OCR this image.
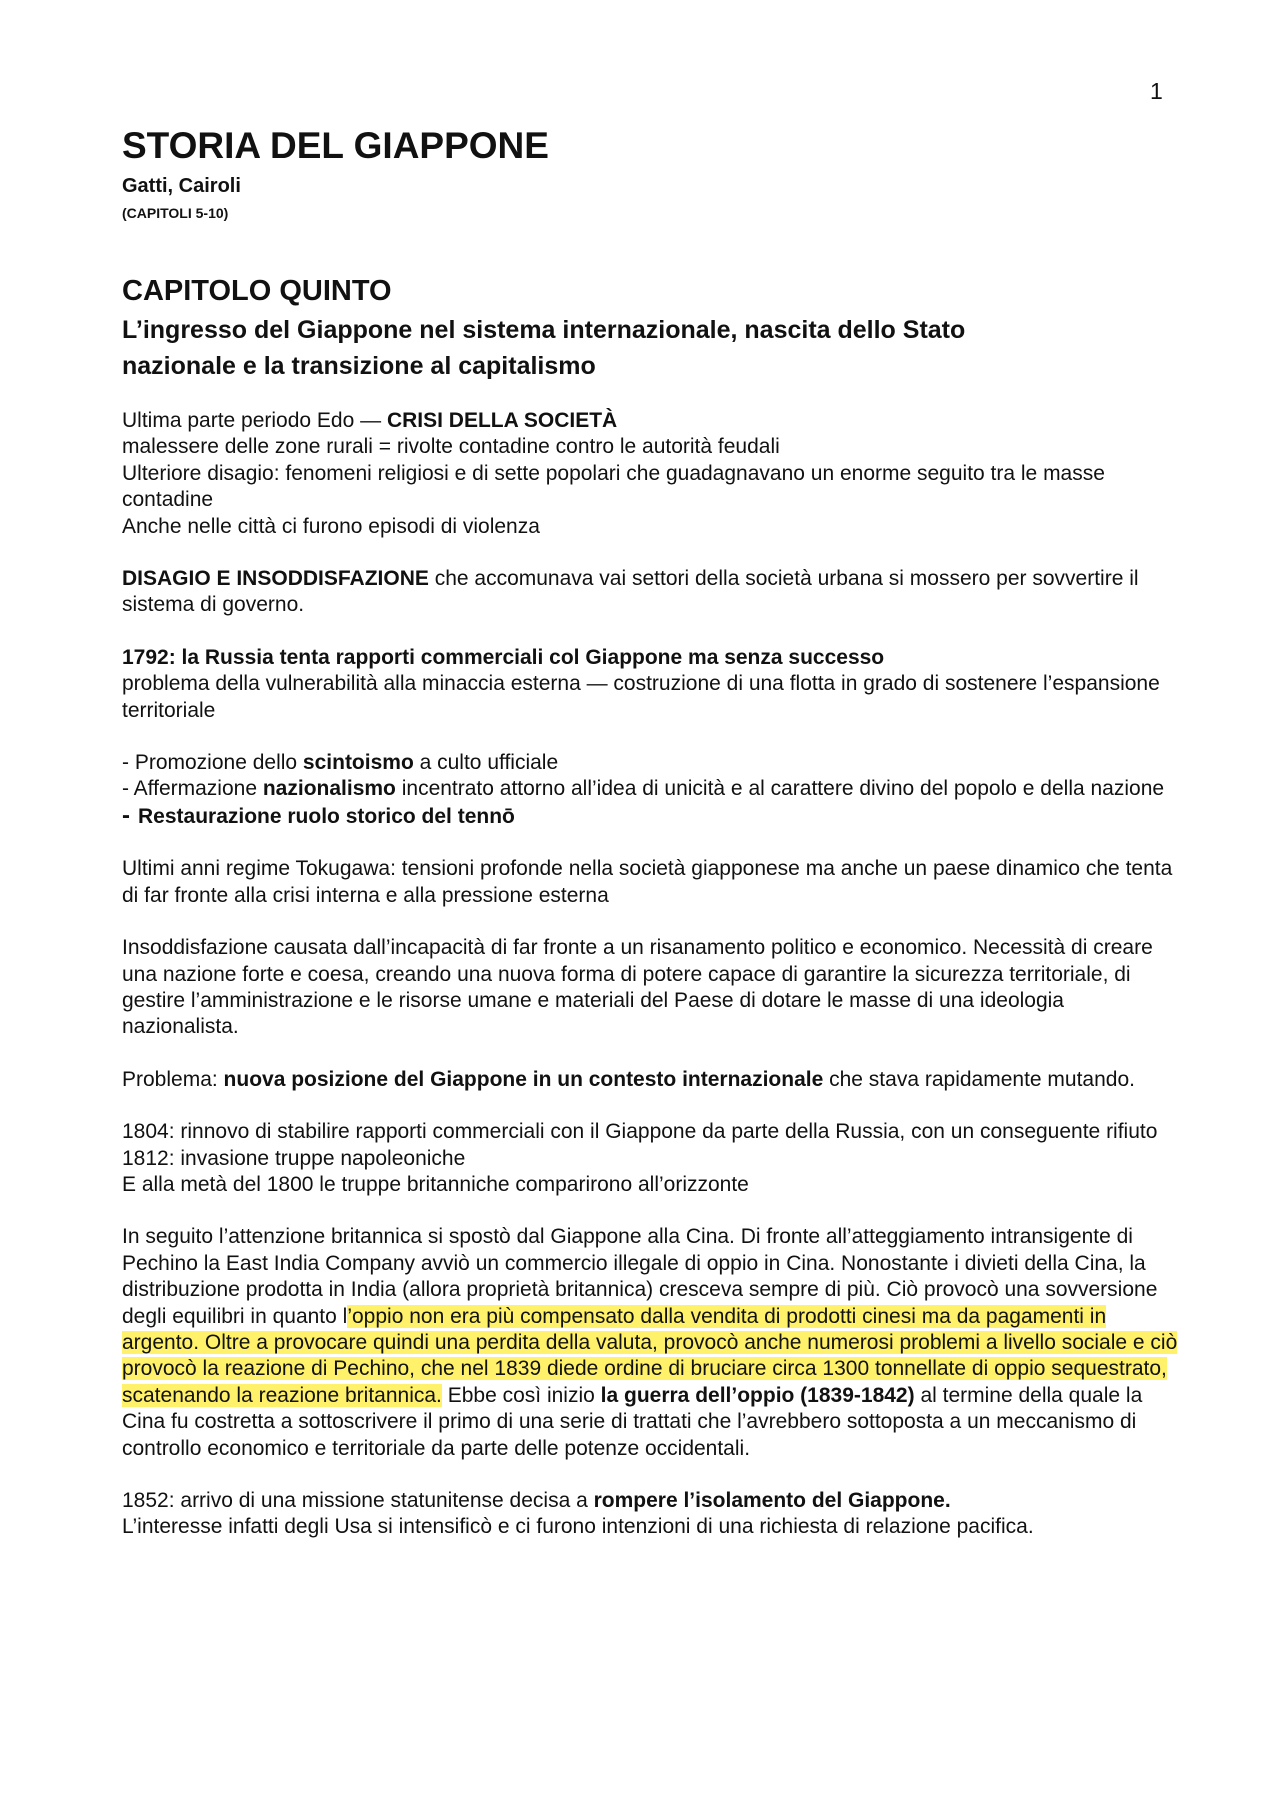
1
STORIA DEL GIAPPONE
Gatti, Cairoli
(CAPITOLI 5-10)
CAPITOLO QUINTO
L’ingresso del Giappone nel sistema internazionale, nascita dello Stato
nazionale e la transizione al capitalismo

Ultima parte periodo Edo — CRISI DELLA SOCIETÀ

malessere delle zone rurali = rivolte contadine contro le autorità feudali

Ulteriore disagio: fenomeni religiosi e di sette popolari che guadagnavano un enorme seguito tra le masse contadine

Anche nelle città ci furono episodi di violenza

DISAGIO E INSODDISFAZIONE che accomunava vai settori della società urbana si mossero per sovvertire il sistema di governo.

1792: la Russia tenta rapporti commerciali col Giappone ma senza successo

problema della vulnerabilità alla minaccia esterna — costruzione di una flotta in grado di sostenere l’espansione territoriale

- Promozione dello scintoismo a culto ufficiale

- Affermazione nazionalismo incentrato attorno all’idea di unicità e al carattere divino del popolo e della nazione

- Restaurazione ruolo storico del tennō

Ultimi anni regime Tokugawa: tensioni profonde nella società giapponese ma anche un paese dinamico che tenta di far fronte alla crisi interna e alla pressione esterna

Insoddisfazione causata dall’incapacità di far fronte a un risanamento politico e economico. Necessità di creare una nazione forte e coesa, creando una nuova forma di potere capace di garantire la sicurezza territoriale, di gestire l’amministrazione e le risorse umane e materiali del Paese di dotare le masse di una ideologia nazionalista.

Problema: nuova posizione del Giappone in un contesto internazionale che stava rapidamente mutando.

1804: rinnovo di stabilire rapporti commerciali con il Giappone da parte della Russia, con un conseguente rifiuto

1812: invasione truppe napoleoniche

E alla metà del 1800 le truppe britanniche comparirono all’orizzonte

In seguito l’attenzione britannica si spostò dal Giappone alla Cina. Di fronte all’atteggiamento intransigente di Pechino la East India Company avviò un commercio illegale di oppio in Cina. Nonostante i divieti della Cina, la distribuzione prodotta in India (allora proprietà britannica) cresceva sempre di più. Ciò provocò una sovversione degli equilibri in quanto l’oppio non era più compensato dalla vendita di prodotti cinesi ma da pagamenti in argento. Oltre a provocare quindi una perdita della valuta, provocò anche numerosi problemi a livello sociale e ciò provocò la reazione di Pechino, che nel 1839 diede ordine di bruciare circa 1300 tonnellate di oppio sequestrato, scatenando la reazione britannica. Ebbe così inizio la guerra dell’oppio (1839-1842) al termine della quale la Cina fu costretta a sottoscrivere il primo di una serie di trattati che l’avrebbero sottoposta a un meccanismo di controllo economico e territoriale da parte delle potenze occidentali.

1852: arrivo di una missione statunitense decisa a rompere l’isolamento del Giappone.

L’interesse infatti degli Usa si intensificò e ci furono intenzioni di una richiesta di relazione pacifica.
